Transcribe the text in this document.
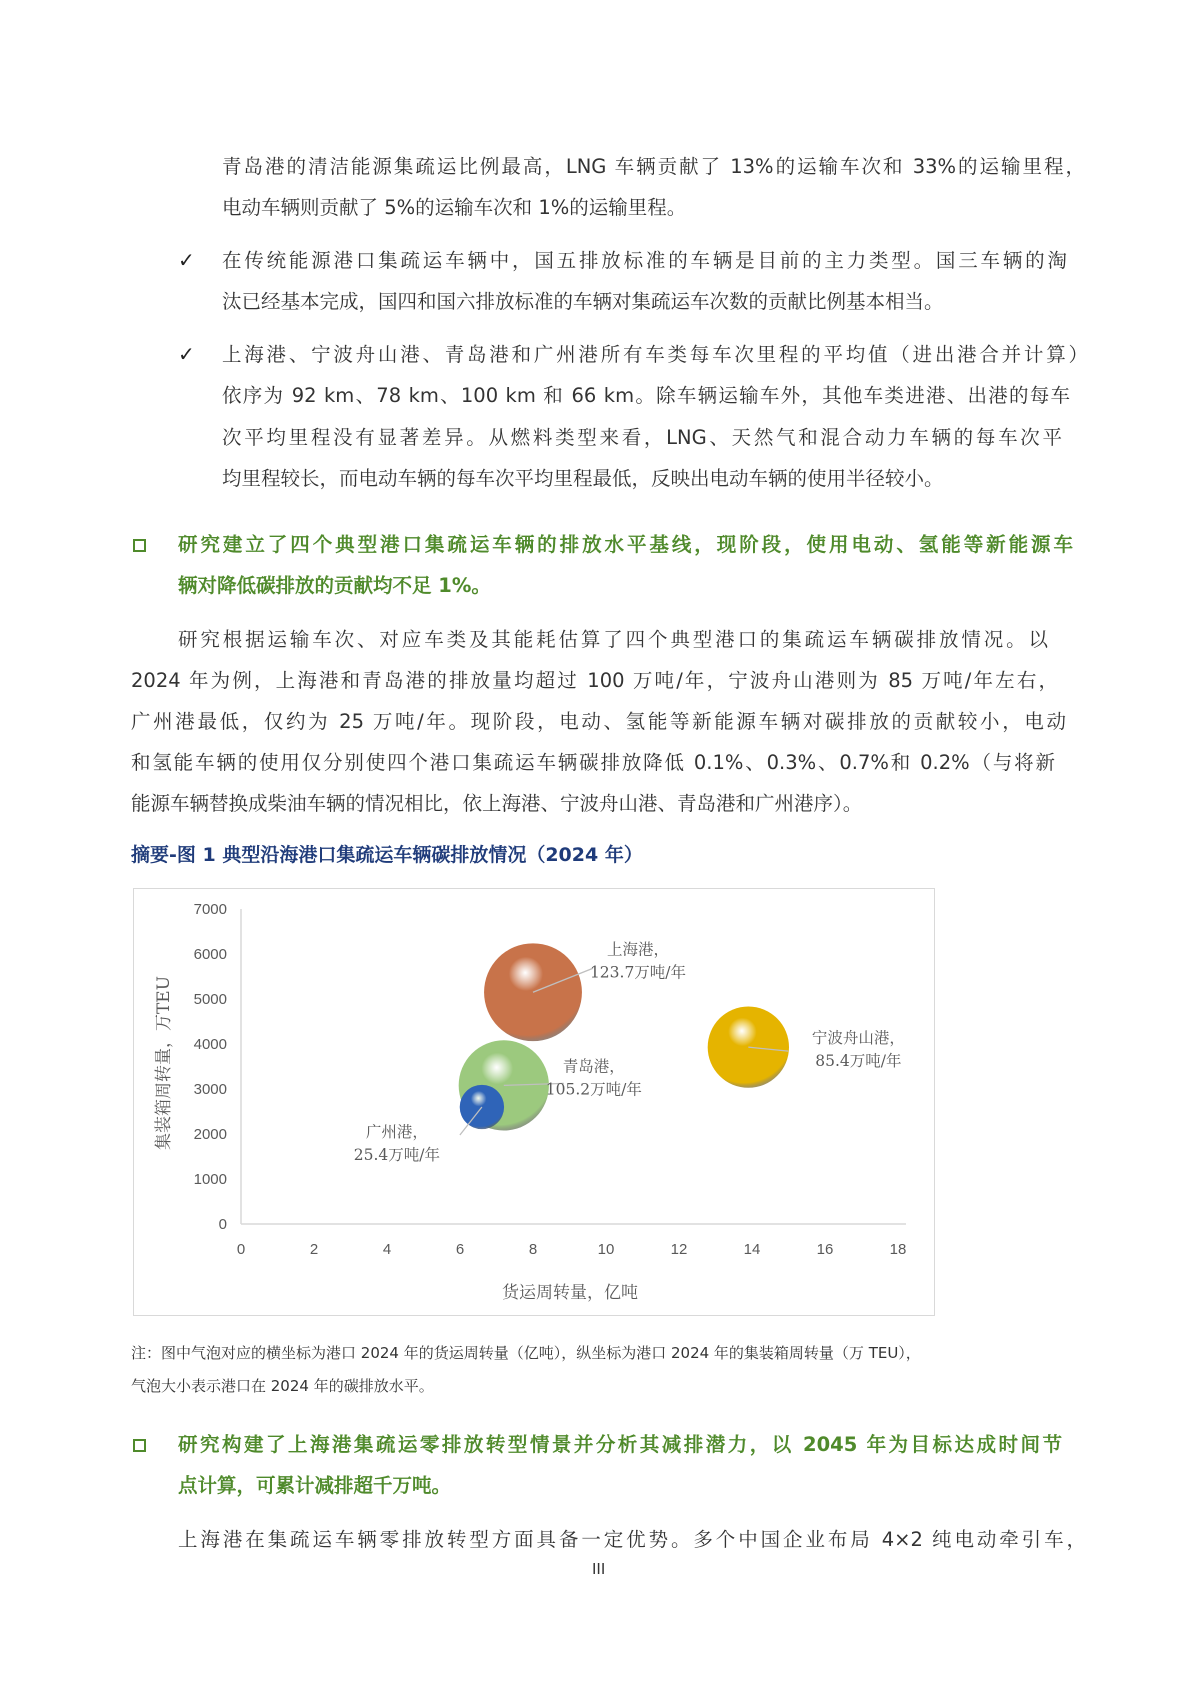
青岛港的清洁能源集疏运比例最高，LNG 车辆贡献了 13%的运输车次和 33%的运输里程，
电动车辆则贡献了 5%的运输车次和 1%的运输里程。
✓ 在传统能源港口集疏运车辆中，国五排放标准的车辆是目前的主力类型。国三车辆的淘
汰已经基本完成，国四和国六排放标准的车辆对集疏运车次数的贡献比例基本相当。
✓ 上海港、宁波舟山港、青岛港和广州港所有车类每车次里程的平均值（进出港合并计算）
依序为 92 km、78 km、100 km 和 66 km。除车辆运输车外，其他车类进港、出港的每车
次平均里程没有显著差异。从燃料类型来看，LNG、天然气和混合动力车辆的每车次平
均里程较长，而电动车辆的每车次平均里程最低，反映出电动车辆的使用半径较小。
研究建立了四个典型港口集疏运车辆的排放水平基线，现阶段，使用电动、氢能等新能源车
辆对降低碳排放的贡献均不足 1%。
研究根据运输车次、对应车类及其能耗估算了四个典型港口的集疏运车辆碳排放情况。以
2024 年为例，上海港和青岛港的排放量均超过 100 万吨/年，宁波舟山港则为 85 万吨/年左右，
广州港最低，仅约为 25 万吨/年。现阶段，电动、氢能等新能源车辆对碳排放的贡献较小，电动
和氢能车辆的使用仅分别使四个港口集疏运车辆碳排放降低 0.1%、0.3%、0.7%和 0.2%（与将新
能源车辆替换成柴油车辆的情况相比，依上海港、宁波舟山港、青岛港和广州港序）。
摘要-图 1 典型沿海港口集疏运车辆碳排放情况（2024 年）
0
1000
2000
3000
4000
5000
6000
7000
0	2	4	6	8	10	12	14	16	18
货运周转量，亿吨
集装箱周转量，万TEU
上海港，
123.7万吨/年
宁波舟山港，
85.4万吨/年
青岛港，
105.2万吨/年
广州港，
25.4万吨/年
注：图中气泡对应的横坐标为港口 2024 年的货运周转量（亿吨），纵坐标为港口 2024 年的集装箱周转量（万 TEU），
气泡大小表示港口在 2024 年的碳排放水平。
研究构建了上海港集疏运零排放转型情景并分析其减排潜力，以 2045 年为目标达成时间节
点计算，可累计减排超千万吨。
上海港在集疏运车辆零排放转型方面具备一定优势。多个中国企业布局 4×2 纯电动牵引车，
III
